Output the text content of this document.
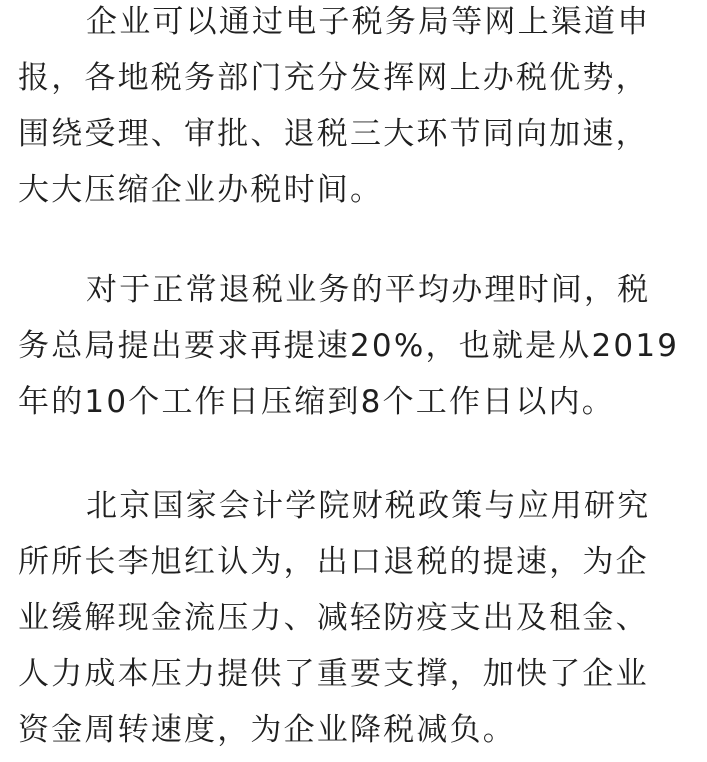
企业可以通过电子税务局等网上渠道申
报，各地税务部门充分发挥网上办税优势，
围绕受理、审批、退税三大环节同向加速，
大大压缩企业办税时间。

对于正常退税业务的平均办理时间，税
务总局提出要求再提速20%，也就是从2019
年的10个工作日压缩到8个工作日以内。

北京国家会计学院财税政策与应用研究
所所长李旭红认为，出口退税的提速，为企
业缓解现金流压力、减轻防疫支出及租金、
人力成本压力提供了重要支撑，加快了企业
资金周转速度，为企业降税减负。
